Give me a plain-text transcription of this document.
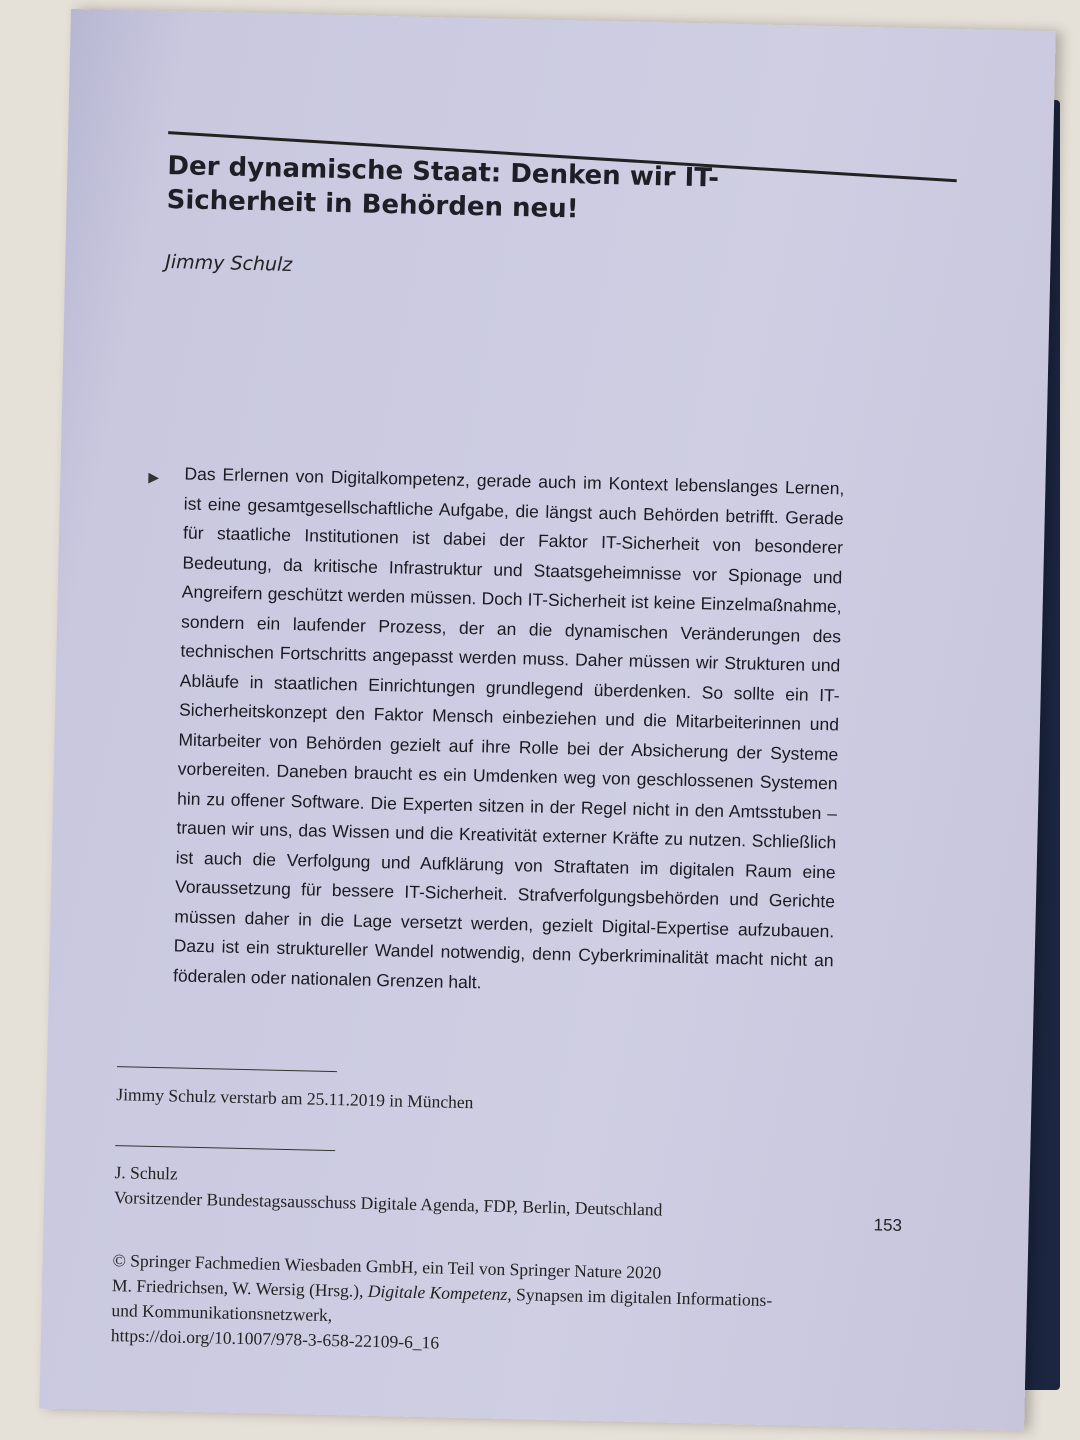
Der dynamische Staat: Denken wir IT-Sicherheit in Behörden neu!

Jimmy Schulz

▶	Das Erlernen von Digitalkompetenz, gerade auch im Kontext lebenslanges Lernen, ist eine gesamtgesellschaftliche Aufgabe, die längst auch Behörden betrifft. Gerade für staatliche Institutionen ist dabei der Faktor IT-Sicherheit von besonderer Bedeutung, da kritische Infrastruktur und Staatsgeheimnisse vor Spionage und Angreifern geschützt werden müssen. Doch IT-Sicherheit ist keine Einzelmaßnahme, sondern ein laufender Prozess, der an die dynamischen Veränderungen des technischen Fortschritts angepasst werden muss. Daher müssen wir Strukturen und Abläufe in staatlichen Einrichtungen grundlegend überdenken. So sollte ein IT-Sicherheitskonzept den Faktor Mensch einbeziehen und die Mitarbeiterinnen und Mitarbeiter von Behörden gezielt auf ihre Rolle bei der Absicherung der Systeme vorbereiten. Daneben braucht es ein Umdenken weg von geschlossenen Systemen hin zu offener Software. Die Experten sitzen in der Regel nicht in den Amtsstuben – trauen wir uns, das Wissen und die Kreativität externer Kräfte zu nutzen. Schließlich ist auch die Verfolgung und Aufklärung von Straftaten im digitalen Raum eine Voraussetzung für bessere IT-Sicherheit. Strafverfolgungsbehörden und Gerichte müssen daher in die Lage versetzt werden, gezielt Digital-Expertise aufzubauen. Dazu ist ein struktureller Wandel notwendig, denn Cyberkriminalität macht nicht an föderalen oder nationalen Grenzen halt.

Jimmy Schulz verstarb am 25.11.2019 in München

J. Schulz
Vorsitzender Bundestagsausschuss Digitale Agenda, FDP, Berlin, Deutschland

153

© Springer Fachmedien Wiesbaden GmbH, ein Teil von Springer Nature 2020
M. Friedrichsen, W. Wersig (Hrsg.), Digitale Kompetenz, Synapsen im digitalen Informations- und Kommunikationsnetzwerk,
https://doi.org/10.1007/978-3-658-22109-6_16
